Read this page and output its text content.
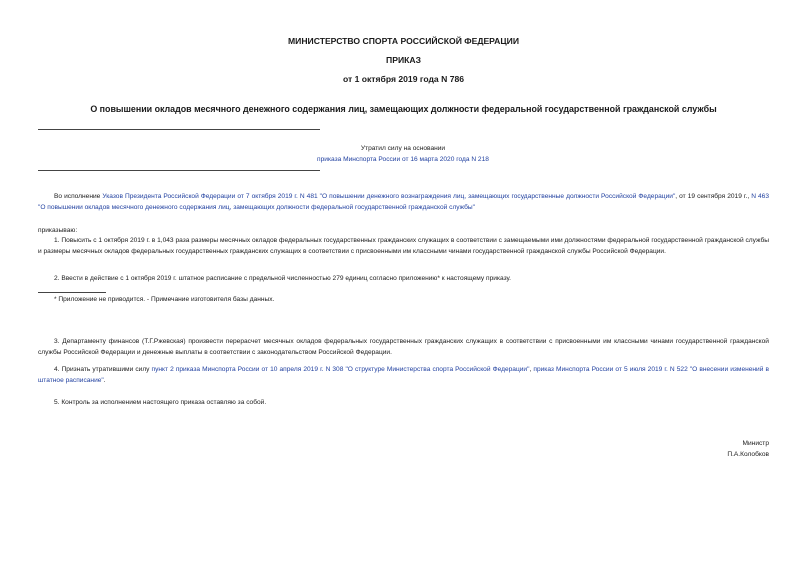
МИНИСТЕРСТВО СПОРТА РОССИЙСКОЙ ФЕДЕРАЦИИ
ПРИКАЗ
от 1 октября 2019 года N 786
О повышении окладов месячного денежного содержания лиц, замещающих должности федеральной государственной гражданской службы
Утратил силу на основании
приказа Минспорта России от 16 марта 2020 года N 218

Во исполнение Указов Президента Российской Федерации от 7 октября 2019 г. N 481 "О повышении денежного вознаграждения лиц, замещающих государственные должности Российской Федерации", от 19 сентября 2019 г., N 463 "О повышении окладов месячного денежного содержания лиц, замещающих должности федеральной государственной гражданской службы"

приказываю:

1. Повысить с 1 октября 2019 г. в 1,043 раза размеры месячных окладов федеральных государственных гражданских служащих в соответствии с замещаемыми ими должностями федеральной государственной гражданской службы и размеры месячных окладов федеральных государственных гражданских служащих в соответствии с присвоенными им классными чинами государственной гражданской службы Российской Федерации.

2. Ввести в действие с 1 октября 2019 г. штатное расписание с предельной численностью 279 единиц согласно приложению* к настоящему приказу.

* Приложение не приводится. - Примечание изготовителя базы данных.

3. Департаменту финансов (Т.Г.Ржевская) произвести перерасчет месячных окладов федеральных государственных гражданских служащих в соответствии с присвоенными им классными чинами государственной гражданской службы Российской Федерации и денежные выплаты в соответствии с законодательством Российской Федерации.

4. Признать утратившими силу пункт 2 приказа Минспорта России от 10 апреля 2019 г. N 308 "О структуре Министерства спорта Российской Федерации", приказ Минспорта России от 5 июля 2019 г. N 522 "О внесении изменений в штатное расписание".

5. Контроль за исполнением настоящего приказа оставляю за собой.

Министр
П.А.Колобков
